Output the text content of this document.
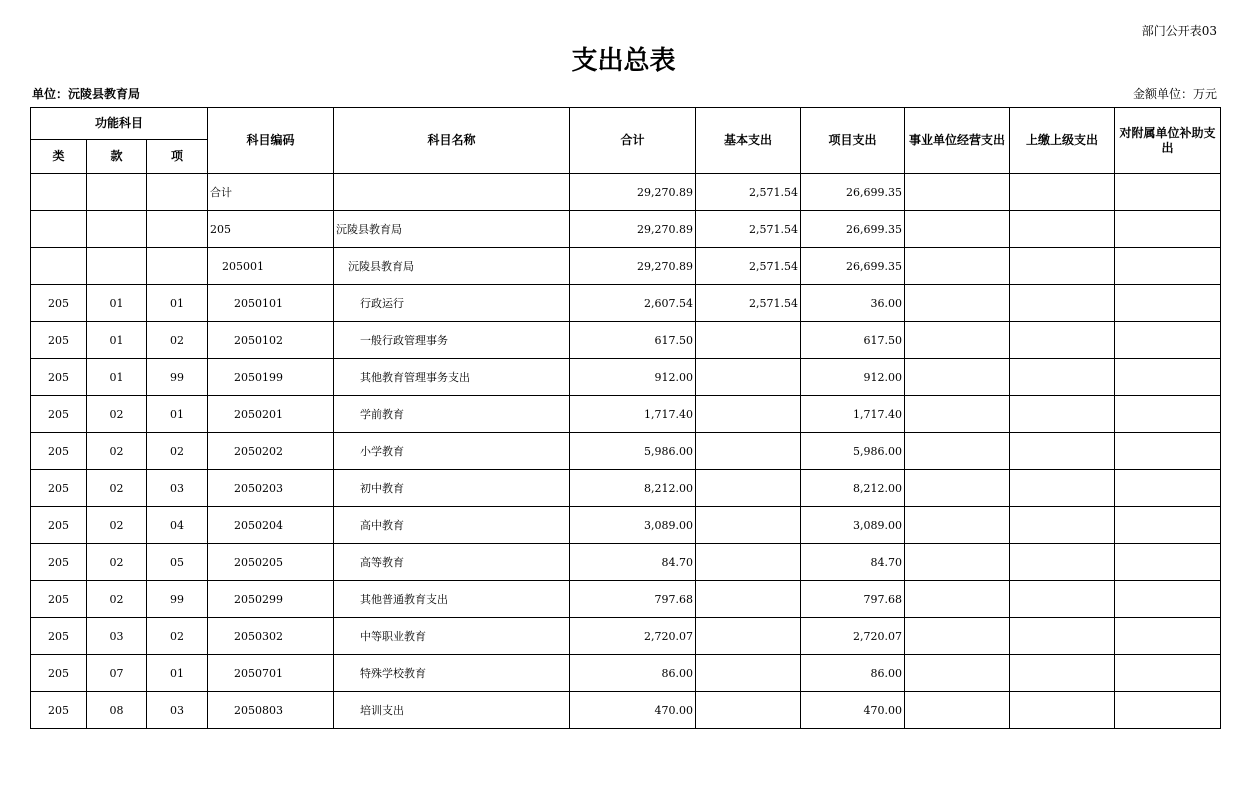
部门公开表03
支出总表
单位：沅陵县教育局	金额单位：万元
功能科目			科目编码	科目名称	合计	基本支出	项目支出	事业单位经营支出	上缴上级支出	对附属单位补助支出
类	款	项								
			合计		29,270.89	2,571.54	26,699.35			
			205	沅陵县教育局	29,270.89	2,571.54	26,699.35			
			205001	沅陵县教育局	29,270.89	2,571.54	26,699.35			
205	01	01	2050101	行政运行	2,607.54	2,571.54	36.00			
205	01	02	2050102	一般行政管理事务	617.50		617.50			
205	01	99	2050199	其他教育管理事务支出	912.00		912.00			
205	02	01	2050201	学前教育	1,717.40		1,717.40			
205	02	02	2050202	小学教育	5,986.00		5,986.00			
205	02	03	2050203	初中教育	8,212.00		8,212.00			
205	02	04	2050204	高中教育	3,089.00		3,089.00			
205	02	05	2050205	高等教育	84.70		84.70			
205	02	99	2050299	其他普通教育支出	797.68		797.68			
205	03	02	2050302	中等职业教育	2,720.07		2,720.07			
205	07	01	2050701	特殊学校教育	86.00		86.00			
205	08	03	2050803	培训支出	470.00		470.00			
